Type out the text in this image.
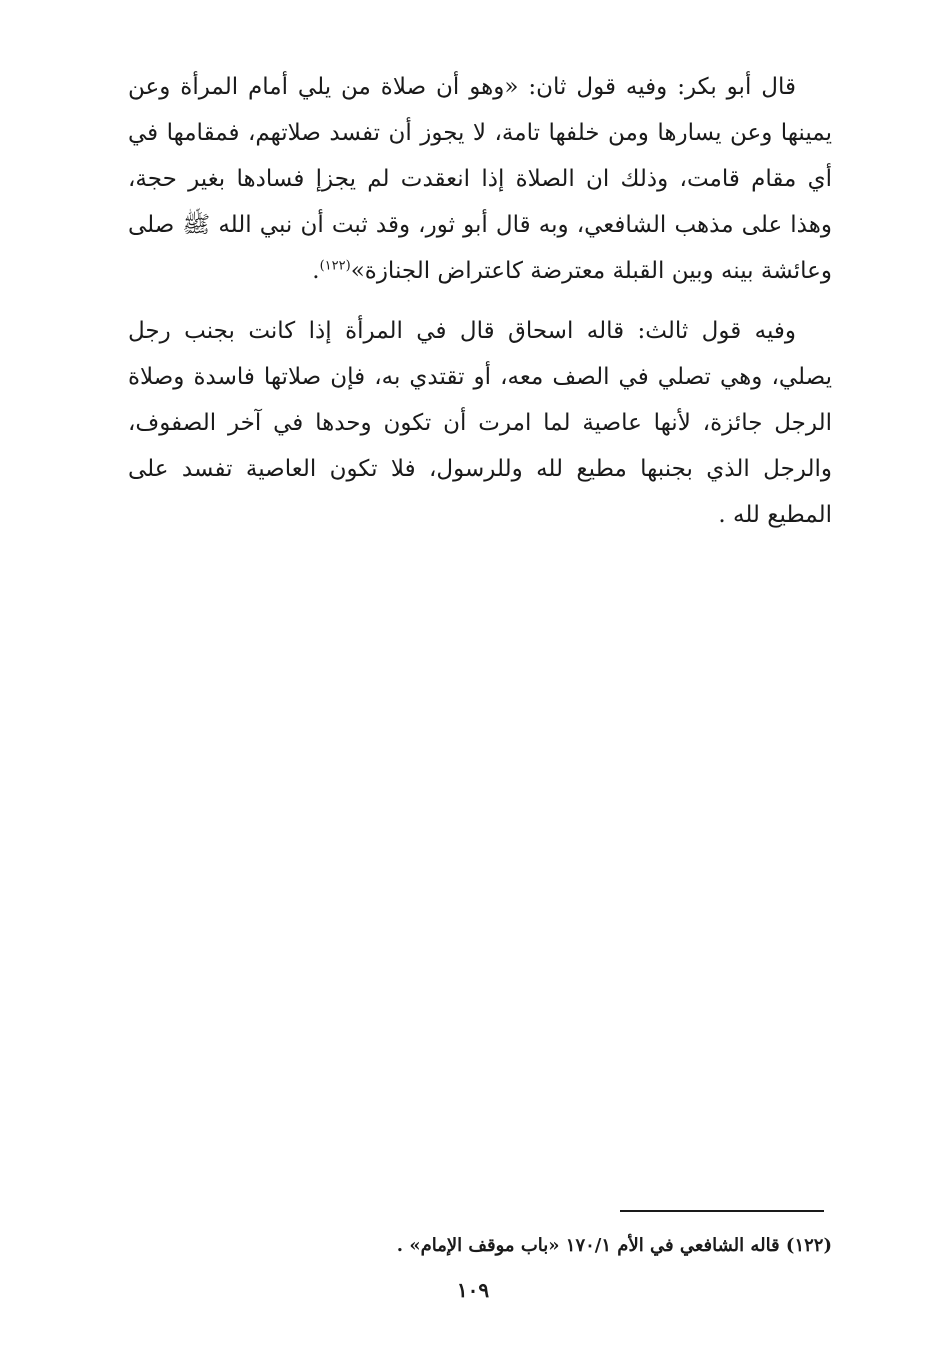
قال أبو بكر: وفيه قول ثان: «وهو أن صلاة من يلي أمام المرأة وعن يمينها وعن يسارها ومن خلفها تامة، لا يجوز أن تفسد صلاتهم، فمقامها في أي مقام قامت، وذلك ان الصلاة إذا انعقدت لم يجزإ فسادها بغير حجة، وهذا على مذهب الشافعي، وبه قال أبو ثور، وقد ثبت أن نبي الله ﷺ صلى وعائشة بينه وبين القبلة معترضة كاعتراض الجنازة»$^{(١٢٢)}$.

وفيه قول ثالث: قاله اسحاق قال في المرأة إذا كانت بجنب رجل يصلي، وهي تصلي في الصف معه، أو تقتدي به، فإن صلاتها فاسدة وصلاة الرجل جائزة، لأنها عاصية لما امرت أن تكون وحدها في آخر الصفوف، والرجل الذي بجنبها مطيع لله وللرسول، فلا تكون العاصية تفسد على المطيع لله .

(١٢٢) قاله الشافعي في الأم ١٧٠/١ «باب موقف الإمام» .
١٠٩
